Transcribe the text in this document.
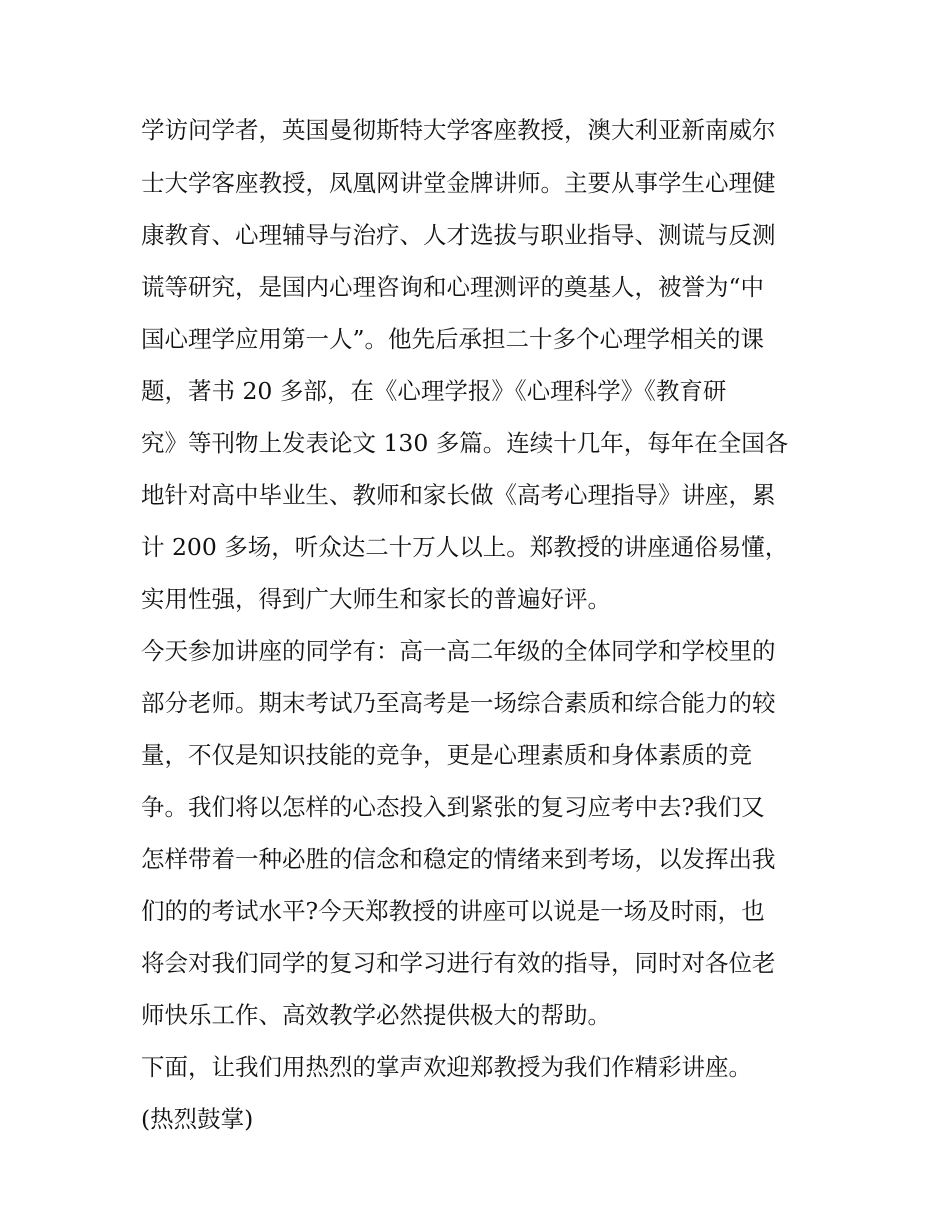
学访问学者，英国曼彻斯特大学客座教授，澳大利亚新南威尔
士大学客座教授，凤凰网讲堂金牌讲师。主要从事学生心理健
康教育、心理辅导与治疗、人才选拔与职业指导、测谎与反测
谎等研究，是国内心理咨询和心理测评的奠基人，被誉为“中
国心理学应用第一人”。他先后承担二十多个心理学相关的课
题，著书 20 多部，在《心理学报》《心理科学》《教育研
究》等刊物上发表论文 130 多篇。连续十几年，每年在全国各
地针对高中毕业生、教师和家长做《高考心理指导》讲座，累
计 200 多场，听众达二十万人以上。郑教授的讲座通俗易懂，
实用性强，得到广大师生和家长的普遍好评。
今天参加讲座的同学有：高一高二年级的全体同学和学校里的
部分老师。期末考试乃至高考是一场综合素质和综合能力的较
量，不仅是知识技能的竞争，更是心理素质和身体素质的竞
争。我们将以怎样的心态投入到紧张的复习应考中去?我们又
怎样带着一种必胜的信念和稳定的情绪来到考场，以发挥出我
们的的考试水平?今天郑教授的讲座可以说是一场及时雨，也
将会对我们同学的复习和学习进行有效的指导，同时对各位老
师快乐工作、高效教学必然提供极大的帮助。
下面，让我们用热烈的掌声欢迎郑教授为我们作精彩讲座。
(热烈鼓掌)
